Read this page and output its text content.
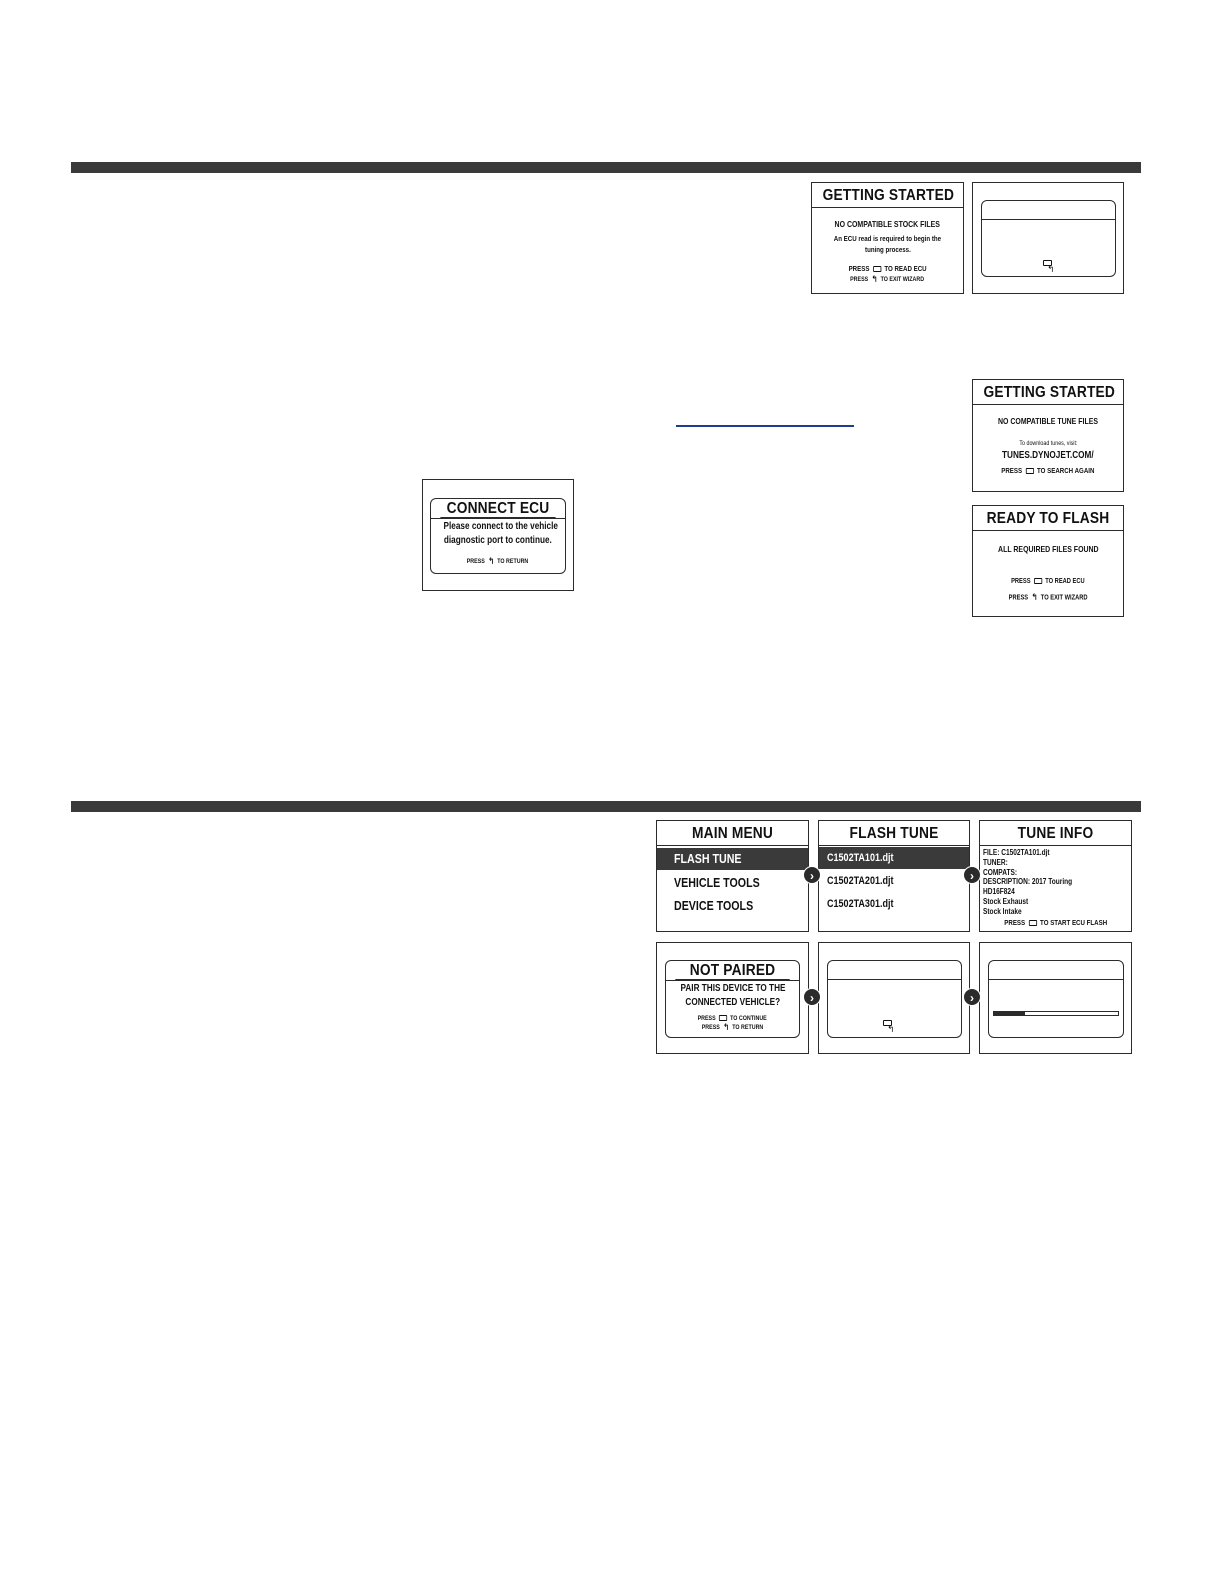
GETTING STARTED
NO COMPATIBLE STOCK FILES
An ECU read is required to begin the
tuning process.
PRESS TO READ ECU
PRESS ↰ TO EXIT WIZARD
↰
GETTING STARTED
NO COMPATIBLE TUNE FILES
To download tunes, visit:
TUNES.DYNOJET.COM/
PRESS TO SEARCH AGAIN
CONNECT ECU
Please connect to the vehicle
diagnostic port to continue.
PRESS ↰ TO RETURN
READY TO FLASH
ALL REQUIRED FILES FOUND
PRESS TO READ ECU
PRESS ↰ TO EXIT WIZARD
MAIN MENU
FLASH TUNE
VEHICLE TOOLS
DEVICE TOOLS
FLASH TUNE
C1502TA101.djt
C1502TA201.djt
C1502TA301.djt
TUNE INFO
FILE: C1502TA101.djt
TUNER:
COMPATS:
DESCRIPTION: 2017 Touring
HD16F824
Stock Exhaust
Stock Intake
PRESS TO START ECU FLASH
›	›
NOT PAIRED
PAIR THIS DEVICE TO THE
CONNECTED VEHICLE?
PRESS TO CONTINUE
PRESS ↰ TO RETURN	↰
›	›
